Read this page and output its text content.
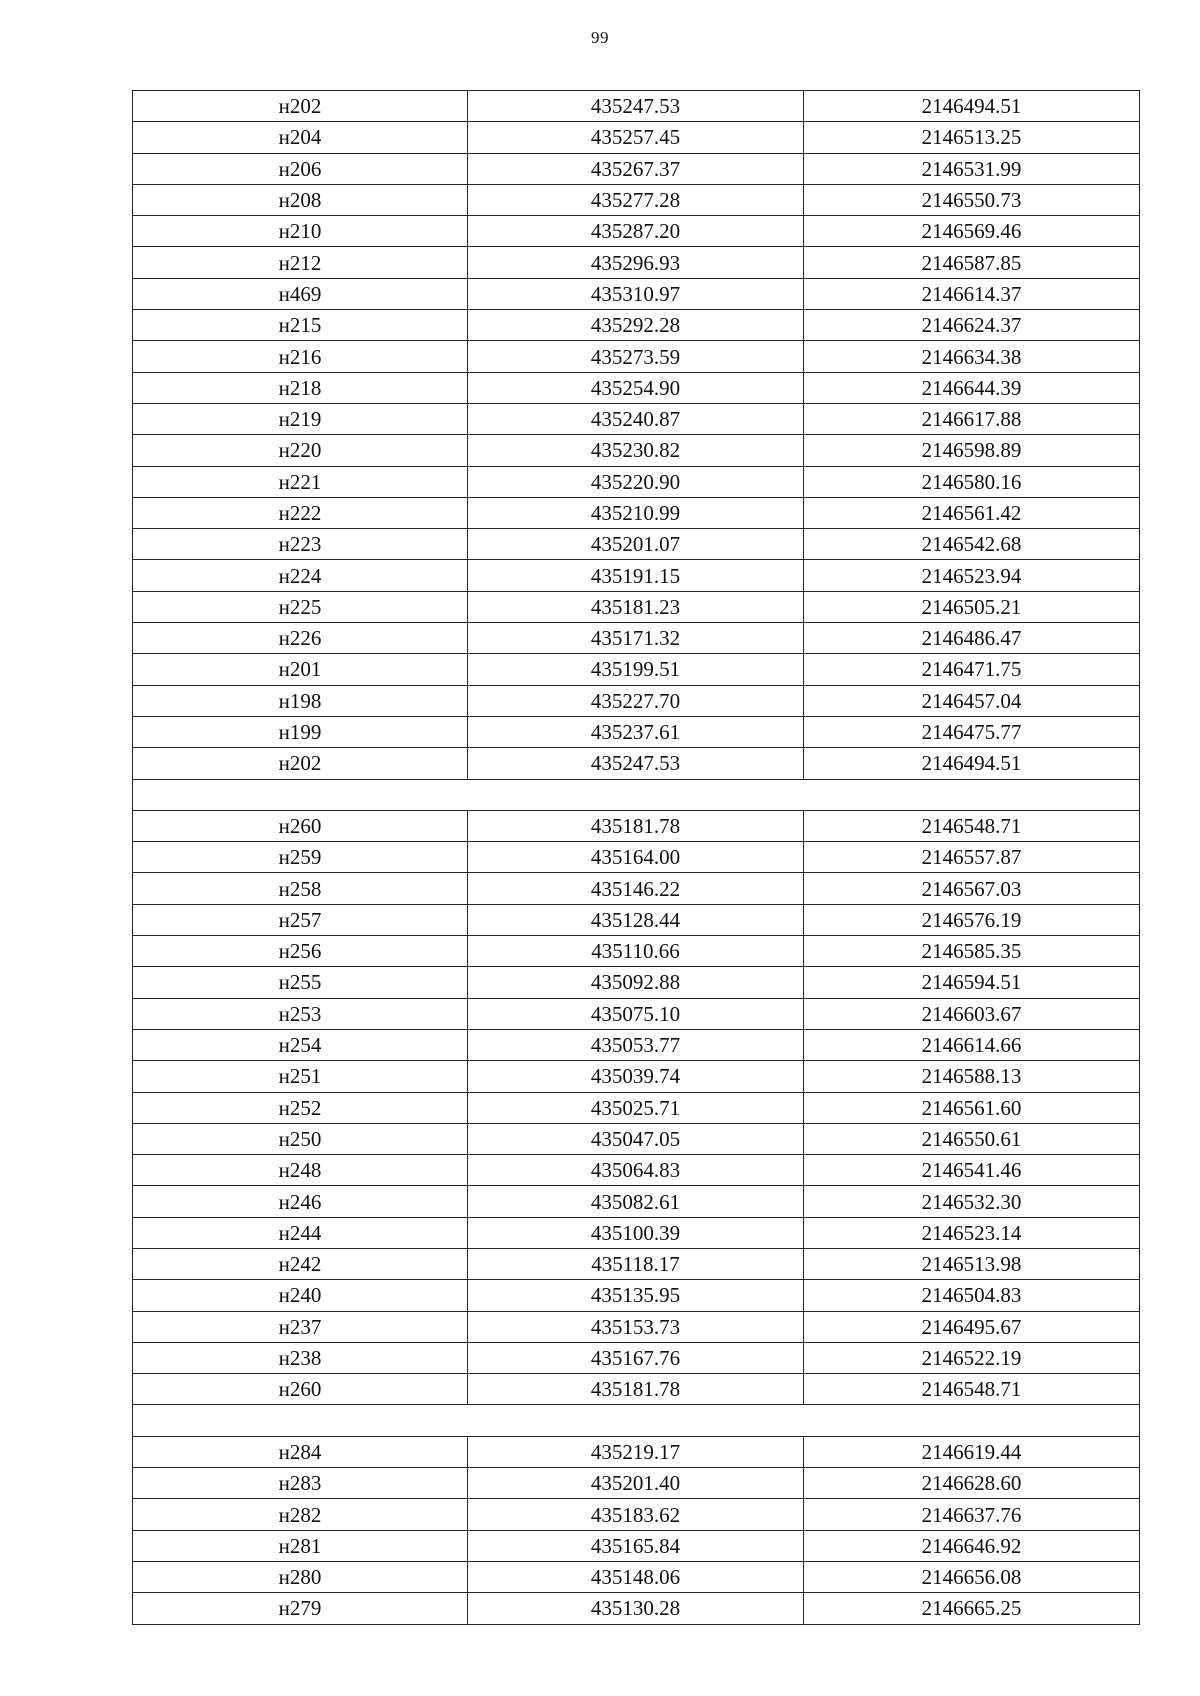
99
н202	435247.53	2146494.51
н204	435257.45	2146513.25
н206	435267.37	2146531.99
н208	435277.28	2146550.73
н210	435287.20	2146569.46
н212	435296.93	2146587.85
н469	435310.97	2146614.37
н215	435292.28	2146624.37
н216	435273.59	2146634.38
н218	435254.90	2146644.39
н219	435240.87	2146617.88
н220	435230.82	2146598.89
н221	435220.90	2146580.16
н222	435210.99	2146561.42
н223	435201.07	2146542.68
н224	435191.15	2146523.94
н225	435181.23	2146505.21
н226	435171.32	2146486.47
н201	435199.51	2146471.75
н198	435227.70	2146457.04
н199	435237.61	2146475.77
н202	435247.53	2146494.51

н260	435181.78	2146548.71
н259	435164.00	2146557.87
н258	435146.22	2146567.03
н257	435128.44	2146576.19
н256	435110.66	2146585.35
н255	435092.88	2146594.51
н253	435075.10	2146603.67
н254	435053.77	2146614.66
н251	435039.74	2146588.13
н252	435025.71	2146561.60
н250	435047.05	2146550.61
н248	435064.83	2146541.46
н246	435082.61	2146532.30
н244	435100.39	2146523.14
н242	435118.17	2146513.98
н240	435135.95	2146504.83
н237	435153.73	2146495.67
н238	435167.76	2146522.19
н260	435181.78	2146548.71

н284	435219.17	2146619.44
н283	435201.40	2146628.60
н282	435183.62	2146637.76
н281	435165.84	2146646.92
н280	435148.06	2146656.08
н279	435130.28	2146665.25
